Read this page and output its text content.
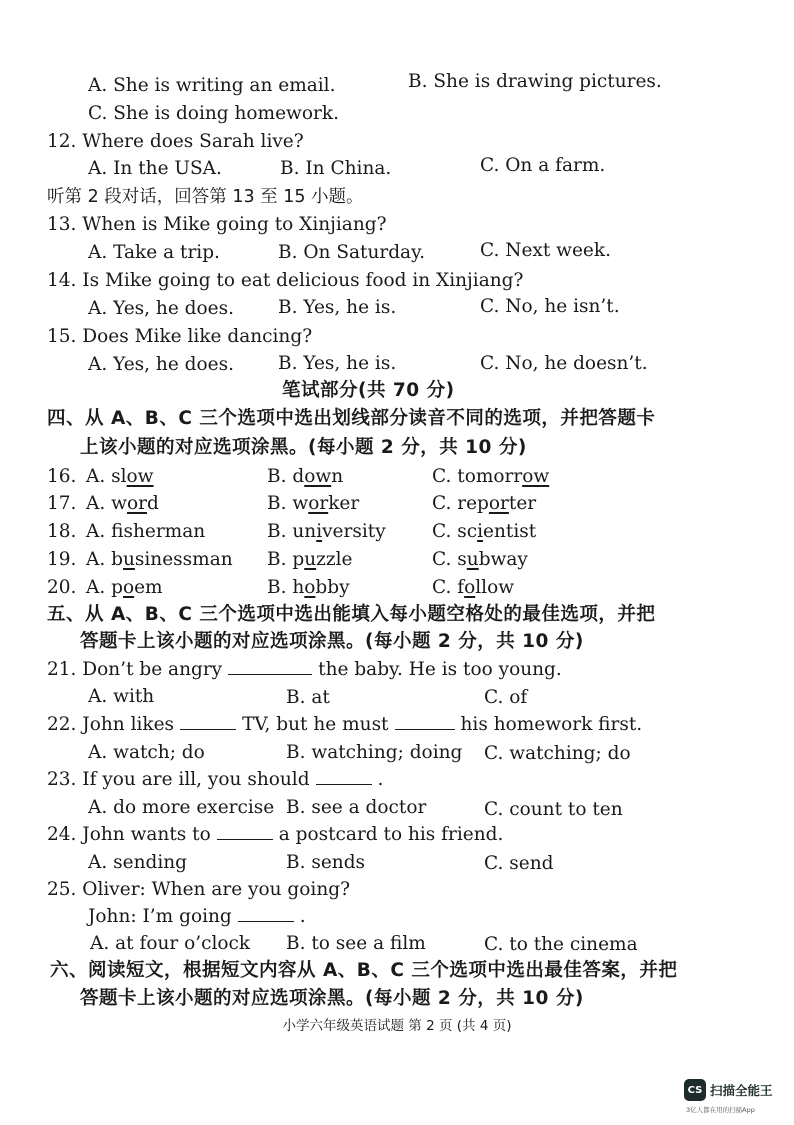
A. She is writing an email.	B. She is drawing pictures.
C. She is doing homework.
12. Where does Sarah live?
A. In the USA.	B. In China.	C. On a farm.
听第 2 段对话，回答第 13 至 15 小题。
13. When is Mike going to Xinjiang?
A. Take a trip.	B. On Saturday.	C. Next week.
14. Is Mike going to eat delicious food in Xinjiang?
A. Yes, he does. B. Yes, he is.	C. No, he isn’t.
15. Does Mike like dancing?
A. Yes, he does. B. Yes, he is.	C. No, he doesn’t.
笔试部分(共 70 分)
四、从 A、B、C 三个选项中选出划线部分读音不同的选项，并把答题卡
上该小题的对应选项涂黑。(每小题 2 分，共 10 分)
16. A. slow	B. down	C. tomorrow
17. A. word	B. worker	C. reporter
18. A. fsherman	B. university	C. scientist
19. A. businessman B. puzzle	C. subway
20. A. poem	B. hobby	C. follow
五、从 A、B、C 三个选项中选出能填入每小题空格处的最佳选项，并把
答题卡上该小题的对应选项涂黑。(每小题 2 分，共 10 分)
21. Don’t be angry	the baby. He is too young.
A. with	B. at	C. of
22. John likes	TV, but he must	his homework first.
A. watch; do	B. watching; doing C. watching; do
23. If you are ill, you should	.
A. do more exercise B. see a doctor	C. count to ten
24. John wants to	a postcard to his friend.
A. sending	B. sends	C. send
25. Oliver: When are you going?
John: I’m going	.
A. at four o’clock B. to see a film	C. to the cinema
六、阅读短文，根据短文内容从 A、B、C 三个选项中选出最佳答案，并把
答题卡上该小题的对应选项涂黑。(每小题 2 分，共 10 分)
小学六年级英语试题 第 2 页 (共 4 页)
CS 扫描全能王
3亿人都在用的扫描App
